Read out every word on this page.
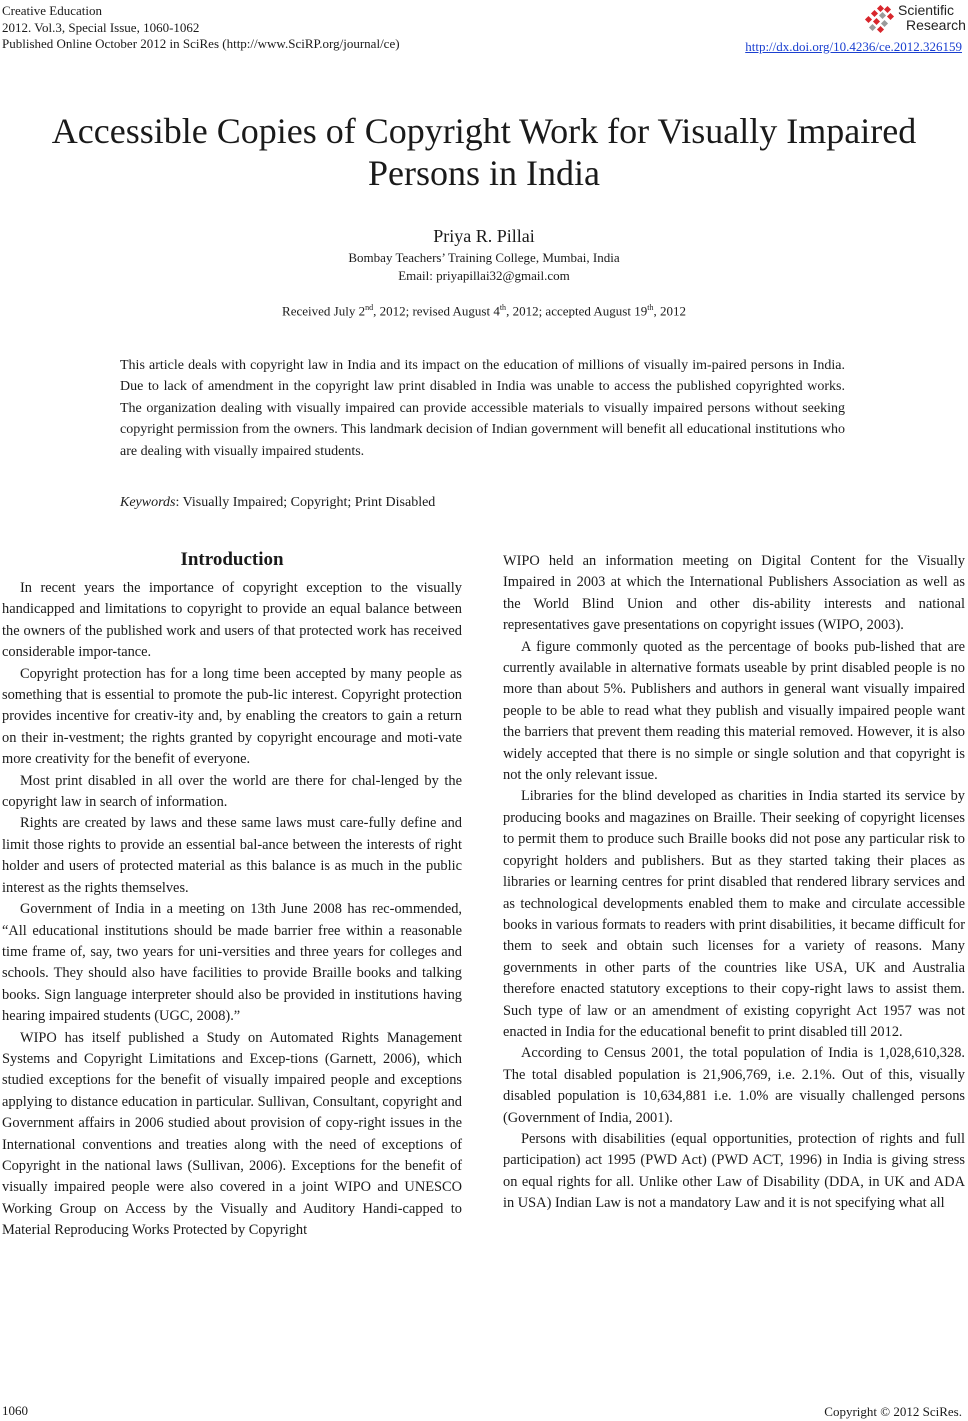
Creative Education
2012. Vol.3, Special Issue, 1060-1062
Published Online October 2012 in SciRes (http://www.SciRP.org/journal/ce)
Scientific
Research
http://dx.doi.org/10.4236/ce.2012.326159
Accessible Copies of Copyright Work for Visually Impaired Persons in India
Priya R. Pillai
Bombay Teachers’ Training College, Mumbai, India
Email: priyapillai32@gmail.com
Received July 2nd, 2012; revised August 4th, 2012; accepted August 19th, 2012
This article deals with copyright law in India and its impact on the education of millions of visually im-paired persons in India. Due to lack of amendment in the copyright law print disabled in India was unable to access the published copyrighted works. The organization dealing with visually impaired can provide accessible materials to visually impaired persons without seeking copyright permission from the owners. This landmark decision of Indian government will benefit all educational institutions who are dealing with visually impaired students.
Keywords: Visually Impaired; Copyright; Print Disabled
Introduction

In recent years the importance of copyright exception to the visually handicapped and limitations to copyright to provide an equal balance between the owners of the published work and users of that protected work has received considerable impor-tance.

Copyright protection has for a long time been accepted by many people as something that is essential to promote the pub-lic interest. Copyright protection provides incentive for creativ-ity and, by enabling the creators to gain a return on their in-vestment; the rights granted by copyright encourage and moti-vate more creativity for the benefit of everyone.

Most print disabled in all over the world are there for chal-lenged by the copyright law in search of information.

Rights are created by laws and these same laws must care-fully define and limit those rights to provide an essential bal-ance between the interests of right holder and users of protected material as this balance is as much in the public interest as the rights themselves.

Government of India in a meeting on 13th June 2008 has rec-ommended, “All educational institutions should be made barrier free within a reasonable time frame of, say, two years for uni-versities and three years for colleges and schools. They should also have facilities to provide Braille books and talking books. Sign language interpreter should also be provided in institutions having hearing impaired students (UGC, 2008).”

WIPO has itself published a Study on Automated Rights Management Systems and Copyright Limitations and Excep-tions (Garnett, 2006), which studied exceptions for the benefit of visually impaired people and exceptions applying to distance education in particular. Sullivan, Consultant, copyright and Government affairs in 2006 studied about provision of copy-right issues in the International conventions and treaties along with the need of exceptions of Copyright in the national laws (Sullivan, 2006). Exceptions for the benefit of visually impaired people were also covered in a joint WIPO and UNESCO Working Group on Access by the Visually and Auditory Handi-capped to Material Reproducing Works Protected by Copyright

WIPO held an information meeting on Digital Content for the Visually Impaired in 2003 at which the International Publishers Association as well as the World Blind Union and other dis-ability interests and national representatives gave presentations on copyright issues (WIPO, 2003).

A figure commonly quoted as the percentage of books pub-lished that are currently available in alternative formats useable by print disabled people is no more than about 5%. Publishers and authors in general want visually impaired people to be able to read what they publish and visually impaired people want the barriers that prevent them reading this material removed. However, it is also widely accepted that there is no simple or single solution and that copyright is not the only relevant issue.

Libraries for the blind developed as charities in India started its service by producing books and magazines on Braille. Their seeking of copyright licenses to permit them to produce such Braille books did not pose any particular risk to copyright holders and publishers. But as they started taking their places as libraries or learning centres for print disabled that rendered library services and as technological developments enabled them to make and circulate accessible books in various formats to readers with print disabilities, it became difficult for them to seek and obtain such licenses for a variety of reasons. Many governments in other parts of the countries like USA, UK and Australia therefore enacted statutory exceptions to their copy-right laws to assist them. Such type of law or an amendment of existing copyright Act 1957 was not enacted in India for the educational benefit to print disabled till 2012.

According to Census 2001, the total population of India is 1,028,610,328. The total disabled population is 21,906,769, i.e. 2.1%. Out of this, visually disabled population is 10,634,881 i.e. 1.0% are visually challenged persons (Government of India, 2001).

Persons with disabilities (equal opportunities, protection of rights and full participation) act 1995 (PWD Act) (PWD ACT, 1996) in India is giving stress on equal rights for all. Unlike other Law of Disability (DDA, in UK and ADA in USA) Indian Law is not a mandatory Law and it is not specifying what all

1060	Copyright © 2012 SciRes.
